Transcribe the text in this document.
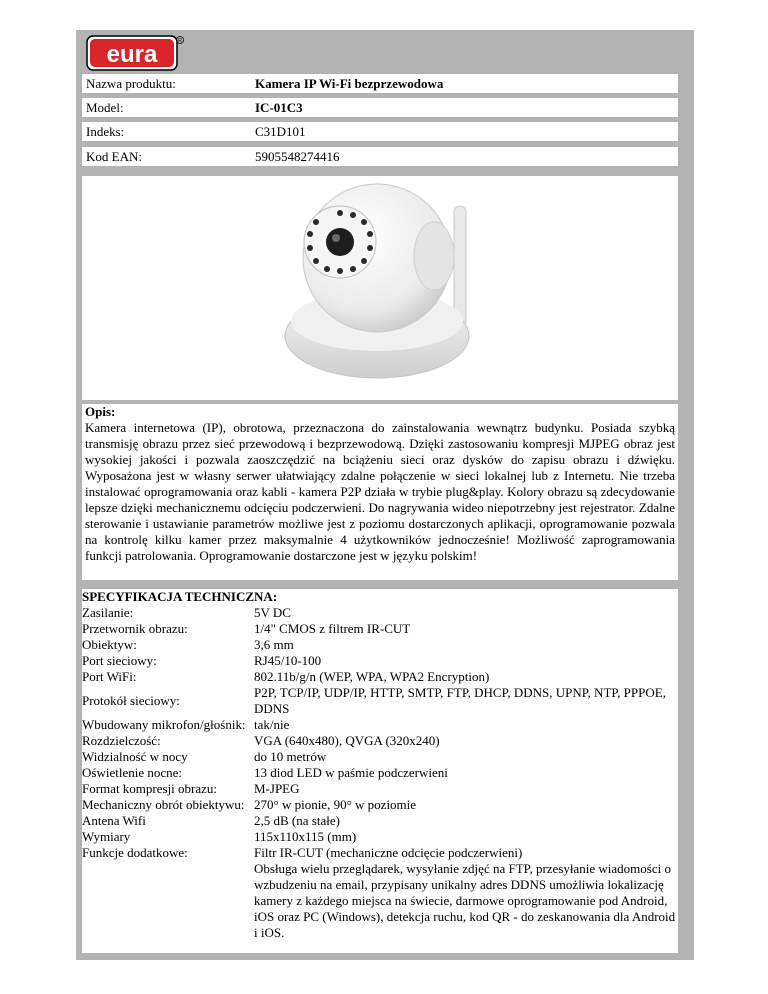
eura	R
Nazwa produktu:	Kamera IP Wi-Fi bezprzewodowa
Model:	IC-01C3
Indeks:	C31D101
Kod EAN:	5905548274416
Opis:
Kamera internetowa (IP), obrotowa, przeznaczona do zainstalowania wewnątrz budynku. Posiada szybką transmisję obrazu przez sieć przewodową i bezprzewodową. Dzięki zastosowaniu kompresji MJPEG obraz jest wysokiej jakości i pozwala zaoszczędzić na bciążeniu sieci oraz dysków do zapisu obrazu i dźwięku. Wyposażona jest w własny serwer ułatwiający zdalne połączenie w sieci lokalnej lub z Internetu. Nie trzeba instalować oprogramowania oraz kabli - kamera P2P działa w trybie plug&play. Kolory obrazu są zdecydowanie lepsze dzięki mechanicznemu odcięciu podczerwieni. Do nagrywania wideo niepotrzebny jest rejestrator. Zdalne sterowanie i ustawianie parametrów możliwe jest z poziomu dostarczonych aplikacji, oprogramowanie pozwala na kontrolę kilku kamer przez maksymalnie 4 użytkowników jednocześnie! Możliwość zaprogramowania funkcji patrolowania. Oprogramowanie dostarczone jest w języku polskim!
SPECYFIKACJA TECHNICZNA:
Zasilanie:	5V DC
Przetwornik obrazu:	1/4" CMOS z filtrem IR-CUT
Obiektyw:	3,6 mm
Port sieciowy:	RJ45/10-100
Port WiFi:	802.11b/g/n (WEP, WPA, WPA2 Encryption)
Protokół sieciowy:	P2P, TCP/IP, UDP/IP, HTTP, SMTP, FTP, DHCP, DDNS, UPNP, NTP, PPPOE, DDNS
Wbudowany mikrofon/głośnik:	tak/nie
Rozdzielczość:	VGA (640x480), QVGA (320x240)
Widzialność w nocy	do 10 metrów
Oświetlenie nocne:	13 diod LED w paśmie podczerwieni
Format kompresji obrazu:	M-JPEG
Mechaniczny obrót obiektywu:	270° w pionie, 90° w poziomie
Antena Wifi	2,5 dB (na stałe)
Wymiary	115x110x115 (mm)
Funkcje dodatkowe:	Filtr IR-CUT (mechaniczne odcięcie podczerwieni)
	Obsługa wielu przeglądarek, wysyłanie zdjęć na FTP, przesyłanie wiadomości o wzbudzeniu na email, przypisany unikalny adres DDNS umożliwia lokalizację kamery z każdego miejsca na świecie, darmowe oprogramowanie pod Android, iOS oraz PC (Windows), detekcja ruchu, kod QR - do zeskanowania dla Android i iOS.
